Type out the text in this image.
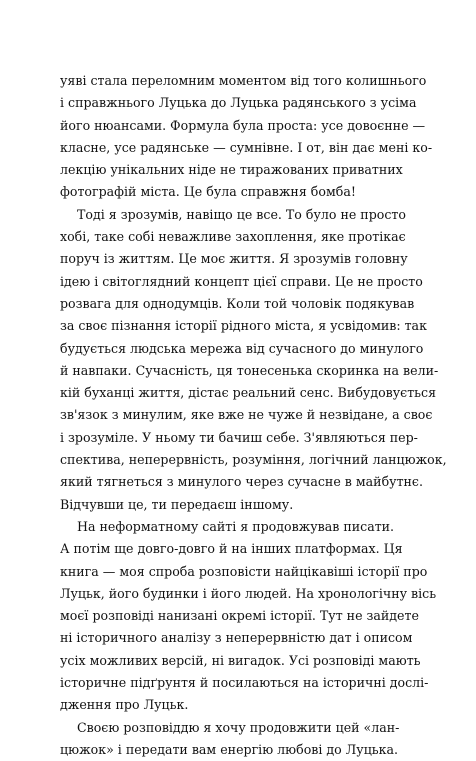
уяві стала переломним моментом від того колишнього
і справжнього Луцька до Луцька радянського з усіма
його нюансами. Формула була проста: усе довоєнне —
класне, усе радянське — сумнівне. І от, він дає мені ко-
лекцію унікальних ніде не тиражованих приватних
фотографій міста. Це була справжня бомба!

Тоді я зрозумів, навіщо це все. То було не просто
хобі, таке собі неважливе захоплення, яке протікає
поруч із життям. Це моє життя. Я зрозумів головну
ідею і світоглядний концепт цієї справи. Це не просто
розвага для однодумців. Коли той чоловік подякував
за своє пізнання історії рідного міста, я усвідомив: так
будується людська мережа від сучасного до минулого
й навпаки. Сучасність, ця тонесенька скоринка на вели-
кій буханці життя, дістає реальний сенс. Вибудовується
зв'язок з минулим, яке вже не чуже й незвідане, а своє
і зрозуміле. У ньому ти бачиш себе. З'являються пер-
спектива, неперервність, розуміння, логічний ланцюжок,
який тягнеться з минулого через сучасне в майбутнє.
Відчувши це, ти передаєш іншому.

На неформатному сайті я продовжував писати.
А потім ще довго-довго й на інших платформах. Ця
книга — моя спроба розповісти найцікавіші історії про
Луцьк, його будинки і його людей. На хронологічну вісь
моєї розповіді нанизані окремі історії. Тут не зайдете
ні історичного аналізу з неперервністю дат і описом
усіх можливих версій, ні вигадок. Усі розповіді мають
історичне підґрунтя й посилаються на історичні дослі-
дження про Луцьк.

Своєю розповіддю я хочу продовжити цей «лан-
цюжок» і передати вам енергію любові до Луцька.
